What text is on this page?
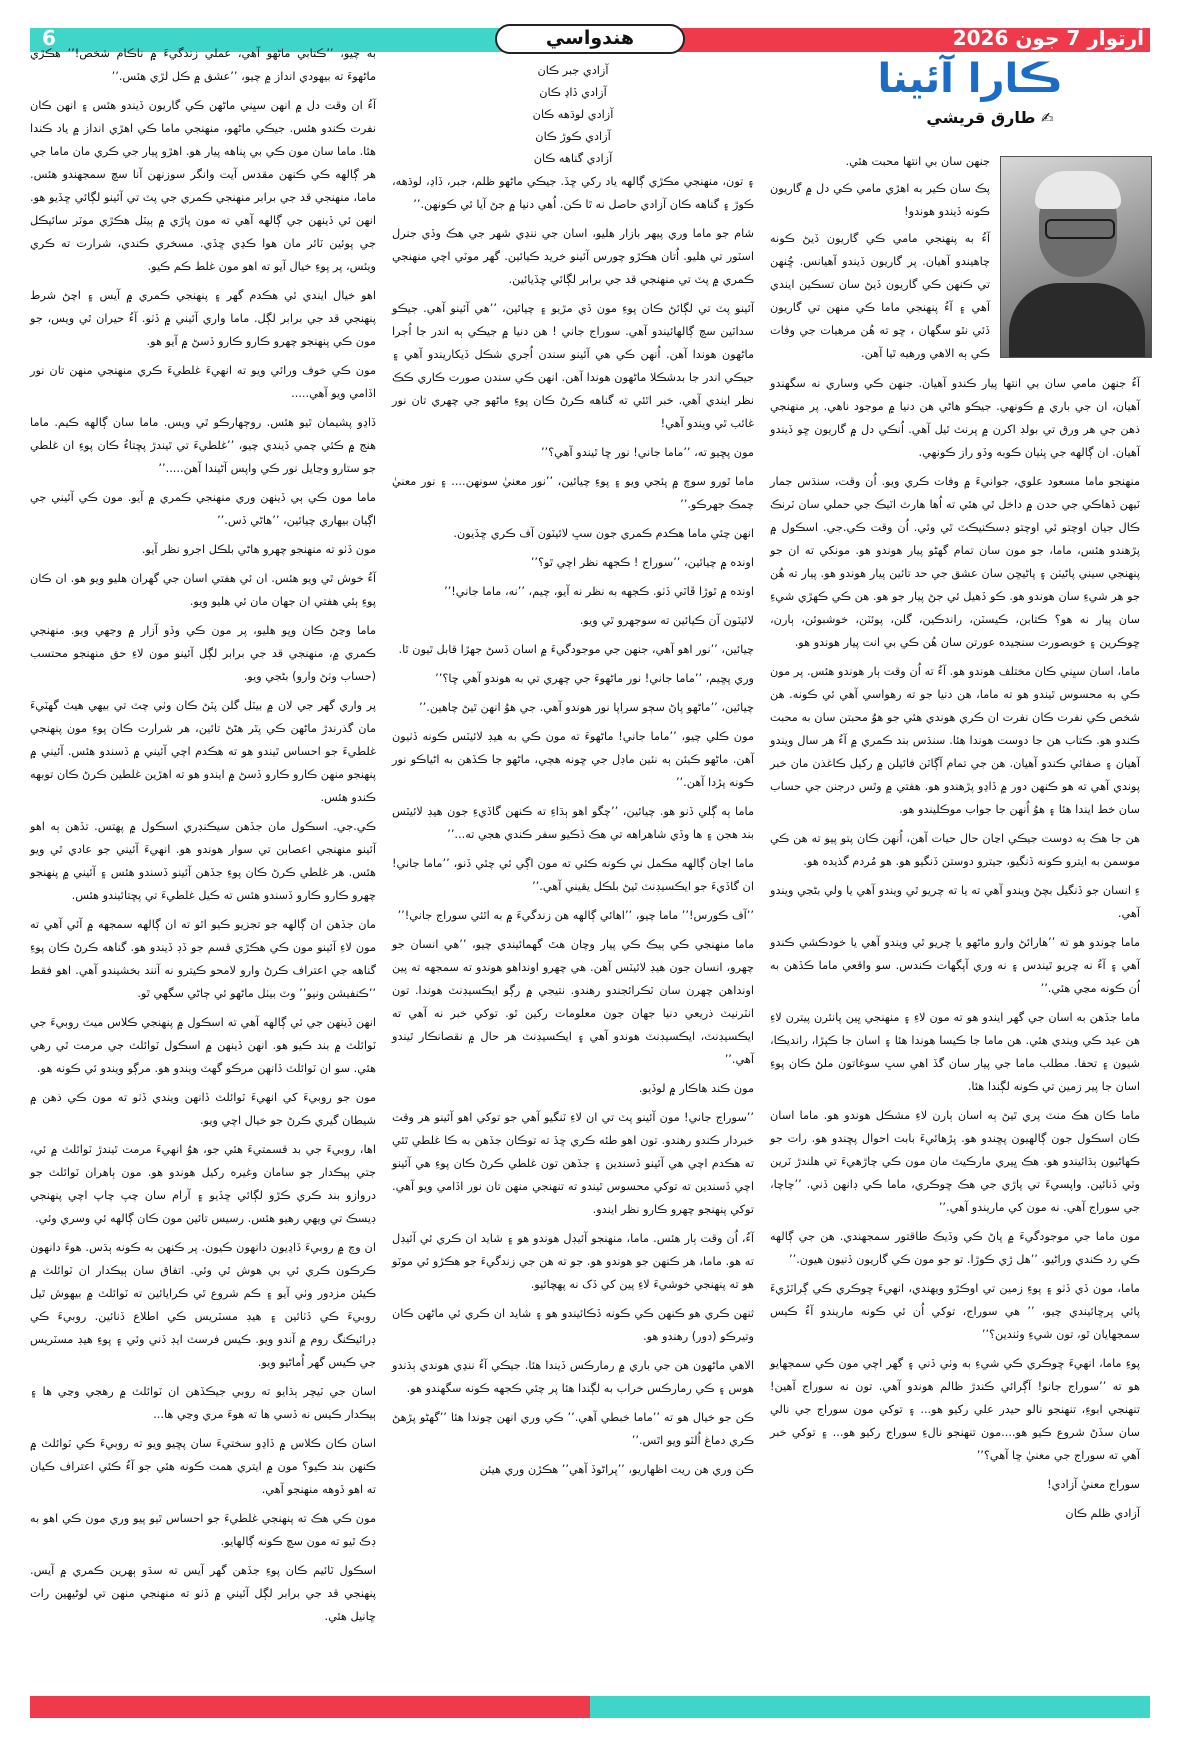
6	آرتوار 7 جون 2026
هندواسي
ڪارا آئينا
✍ طارق قريشي

جنهن سان بي انتها محبت هئي.

پڪ سان ڪير به اهڙي مامي ڪي دل ۾ گاريون ڪونه ڏيندو هوندو!

آءُ به پنهنجي مامي ڪي گاريون ڏيڻ ڪونه چاهيندو آهيان. پر گاريون ڏيندو آهيانس. ڇُنهن تي ڪنهن ڪي گاريون ڏيڻ سان تسڪين ايندي آهي ۽ آءُ پنهنجي ماما ڪي منهن تي گاريون ڏئي نٿو سگهان ، ڇو ته هُن مرهيات جي وفات ڪي ٻه الاهي ورهيه ٿيا آهن.

آءُ جنهن مامي سان بي انتها پيار ڪندو آهيان. جنهن ڪي وساري نه سگهندو آهيان، ان جي باري ۾ ڪونهي. جيڪو هاڻي هن دنيا ۾ موجود ناهي. پر منهنجي ذهن جي هر ورق تي بولڊ اکرن ۾ پرنٽ ٿيل آهي. اُنڪي دل ۾ گاريون ڇو ڏيندو آهيان. ان ڳالهه جي پٺيان ڪوبه وڏو راز ڪونهي.

منهنجو ماما مسعود علوي، جوانيءَ ۾ وفات ڪري ويو. اُن وقت، سنڌس جمار ٽيهن ڏهاڪي جي حدن ۾ داخل ٿي هئي ته اُها هارٽ اٽيڪ جي حملي سان ٽرنڪ ڪال جيان اوچتو ئي اوچتو ڊسڪنيڪٽ ٿي وئي. اُن وقت ڪي.جي. اسڪول ۾ پڙهندو هئس، ماما، جو مون سان تمام گهڻو پيار هوندو هو. مونکي ته ان جو پنهنجي سيني پاڻيٺن ۽ پاڻيڇن سان عشق جي حد تائين پيار هوندو هو. پيار ته هُن جو هر شيءِ سان هوندو هو. ڪو ڏهيل ئي جڻ پيار جو هو. هن ڪي ڪهڙي شيءِ سان پيار نه هو؟ ڪتابن، ڪيسٽن، راندڪين، گلن، پوئٽن، خوشبوئن، ٻارن، ڇوڪرين ۽ خوبصورت سنجيده عورتن سان هُن ڪي بي انت پيار هوندو هو.

ماما، اسان سڀني ڪان مختلف هوندو هو. آءُ ته اُن وقت ٻار هوندو هئس. پر مون ڪي به محسوس ٿيندو هو ته ماما، هن دنيا جو ته رهواسي آهي ئي ڪونه. هن شخص ڪي نفرت ڪان نفرت ان ڪري هوندي هئي جو هوُ محبتن سان به محبت ڪندو هو. ڪتاب هن جا دوست هوندا هئا. سنڌس بند ڪمري ۾ آءُ هر سال ويندو آهيان ۽ صفائي ڪندو آهيان. هن جي تمام آڳاٽن فائيلن ۾ رکيل ڪاغذن مان خبر پوندي آهي ته هو ڪنهن دور ۾ ڏاڍو پڙهندو هو. هفتي ۾ وٿس درجنن جي حساب سان خط ايندا هئا ۽ هوُ اُنهن جا جواب موڪليندو هو.

هن جا هڪ ٻه دوست جيڪي اڃان حال حيات آهن، اُنهن ڪان پتو پيو ته هن ڪي موسمن به ايترو ڪونه ڏنگيو، جيترو دوستن ڏنگيو هو. هو مُردم گذيده هو.

ءِ انسان جو ڏنگيل بچڻ ويندو آهي ته يا ته چريو ٿي ويندو آهي يا ولي بڻجي ويندو آهي.

ماما چوندو هو ته ’’هارائڻ وارو ماڻهو يا چريو ٿي ويندو آهي يا خودڪشي ڪندو آهي ۽ آءُ نه چريو ٿيندس ۽ نه وري آپگهات ڪندس. سو واقعي ماما ڪڏهن به اُن ڪونه مڃي هئي.’’

ماما جڏهن به اسان جي گهر ايندو هو ته مون لاءِ ۽ منهنجي ڀين پانئرن پيترن لاءِ هن عيد ڪي ويندي هئي. هن ماما جا ڪيسا هوندا هئا ۽ اسان جا ڪپڙا، رانديڪا، شيون ۽ تحفا. مطلب ماما جي پيار سان گڏ اهي سڀ سوغاتون ملڻ ڪان پوءِ اسان جا پير زمين تي ڪونه لڳندا هئا.

ماما ڪان هڪ منٽ پري ٿيڻ ٻه اسان ٻارن لاءِ مشڪل هوندو هو. ماما اسان ڪان اسڪول جون ڳالهيون پڇندو هو. پڙهائيءَ بابت احوال پڇندو هو. رات جو ڪهاڻيون ٻڌائيندو هو. هڪ ڀيري مارڪيٽ مان مون ڪي چاڙهيءَ تي هلندڙ ٽرين وٺي ڏنائين. واپسيءَ تي پاڙي جي هڪ ڇوڪري، ماما ڪي ڊانهن ڏني. ’’چاچا، جي سوراج آهي. نه مون کي ماريندو آهي.’’

مون ماما جي موجودگيءَ ۾ پاڻ ڪي وڏيڪ طاقتور سمجهندي. هن جي ڳالهه ڪي رد ڪندي وراڻيو. ’’هل ڙي ڪوڙا. تو جو مون ڪي گاريون ڏنيون هيون.’’

ماما، مون ڏي ڏٺو ۽ پوءِ زمين تي اوڪڙو ويهندي، انهيءَ ڇوڪري ڪي ڳراٽڙيءَ پائي پرڇائيندي چيو، ’’ هي سوراج، توکي اُن ئي ڪونه ماريندو آءُ ڪيس سمجهايان ٿو، تون شيءِ وٺندين؟’’

پوءِ ماما، انهيءَ ڇوڪري ڪي شيءِ به وٺي ڏني ۽ گهر اچي مون ڪي سمجهايو هو ته ’’سوراج جانو! آڳرائي ڪندڙ ظالم هوندو آهي. تون نه سوراج آهين! تنهنجي ابوءِ، تنهنجو نالو حيدر علي رکيو هو... ۽ توکي مون سوراج جي نالي سان سڏڻ شروع ڪيو هو....مون تنهنجو نالءِ سوراج رکيو هو... ۽ توکي خبر آهي ته سوراج جي معنيٰ ڇا آهي؟’’

سوراج معنيٰ آزادي!

آزادي ظلم ڪان

آزادي جبر ڪان
آزادي ڏاڍ ڪان
آزادي لوڌهه ڪان
آزادي ڪوڙ ڪان
آزادي گناهه ڪان

۽ تون، منهنجي مڪڙي ڳالهه ياد رکي ڇڏ. جيڪي ماڻهو ظلم، جبر، ڏاڍ، لوڌهه، ڪوڙ ۽ گناهه ڪان آزادي حاصل نه ٿا ڪن. اُهي دنيا ۾ جڻ آيا ئي ڪونهن.’’

شام جو ماما وري پيهر بازار هليو، اسان جي ننڍي شهر جي هڪ وڏي جنرل اسٽور تي هليو. اُتان هڪڙو چورس آئينو خريد ڪيائين. گهر موٽي اچي منهنجي ڪمري ۾ پٽ تي منهنجي قد جي برابر لڳائي ڇڏيائين.

آئينو پٽ تي لڳائڻ ڪان پوءِ مون ڏي مڙيو ۽ چيائين، ’’هي آئينو آهي. جيڪو سداٽين سچ ڳالهائيندو آهي. سوراج جاني ! هن دنيا ۾ جيڪي ٻه اندر جا اُجرا ماڻهون هوندا آهن. اُنهن ڪي هي آئينو سندن اُجري شڪل ڏيکاريندو آهي ۽ جيڪي اندر جا بدشڪلا ماڻهون هوندا آهن. انهن ڪي سندن صورت ڪاري ڪڪ نظر ايندي آهي. خبر اٿئي ته گناهه ڪرڻ ڪان پوءِ ماڻهو جي چهري تان نور غائب ٿي ويندو آهي!

مون پڇيو ته، ’’ماما جاني! نور ڇا ٿيندو آهي؟’’

ماما ٿورو سوچ ۾ پئجي ويو ۽ پوءِ چيائين، ’’نور معنيٰ سونهن.... ۽ نور معنيٰ چمڪ جهرڪو.’’

انهن چئي ماما هڪدم ڪمري جون سڀ لائيٽون آف ڪري ڇڏيون.

اونده ۾ چيائين، ’’سوراج ! ڪجهه نظر اچي ٿو؟’’

اونده ۾ ٿوڙا ڦاٽي ڏٺو. ڪجهه به نظر نه آيو، چيم، ’’نه، ماما جاني!’’

لائيٽون آن ڪيائين ته سوجهرو ٿي ويو.

چيائين، ’’نور اهو آهي، جنهن جي موجودگيءَ ۾ اسان ڏسڻ جهڙا قابل ٿيون ٿا.

وري پڇيم، ’’ماما جاني! نور ماڻهوءَ جي چهري تي به هوندو آهي ڇا؟’’

چيائين، ’’ماڻهو پاڻ سڄو سراپا نور هوندو آهي. جي هوُ انهن ٿيڻ چاهين.’’

مون ڪلي چيو، ’’ماما جاني! ماڻهوءَ ته مون ڪي به هيڊ لائيٽس ڪونه ڏٺيون آهن. ماڻهو ڪيئن ٻه نئين ماڊل جي ڇونه هڄي، ماڻهو جا ڪڏهن به اڻياڪو نور ڪونه پڙدا آهن.’’

ماما ٻه ڳلي ڏنو هو. چيائين، ’’چگو اهو ٻڌاءِ ته ڪنهن گاڏيءِ جون هيڊ لائيٽس بند هجن ۽ ها وڏي شاهراهه تي هڪ ڏڪيو سفر ڪندي هجي ته...’’

ماما اڃان ڳالهه مڪمل ني ڪونه ڪئي ته مون اڳي ئي چئي ڏنو، ’’ماما جاني! ان گاڏيءَ جو ايڪسيڊنٽ ٿيڻ بلڪل يقيني آهي.’’

’’آف ڪورس!’’ ماما چيو، ’’اهائي ڳالهه هن زندگيءَ ۾ به اٿئي سوراج جاني!’’

ماما منهنجي ڪي ٻيڪ ڪي پيار وچان هٿ گهمائيندي چيو، ’’هي انسان جو چهرو، انسان جون هيڊ لائيٽس آهن. هي چهرو اونداهو هوندو ته سمجهه ته پين اونداهن چهرن سان ٽڪرائجندو رهندو. نتيجي ۾ رڳو ايڪسيڊنٽ هوندا. تون انٽرنيٽ ذريعي دنيا جهان جون معلومات رکين ٿو. توکي خبر نه آهي ته ايڪسيڊنٽ، ايڪسيڊنٽ هوندو آهي ۽ ايڪسيڊنٽ هر حال ۾ نقصانڪار ٿيندو آهي.’’

مون ڪند هاڪار ۾ لوڏيو.

’’سوراج جاني! مون آئينو پٽ تي ان لاءِ ٽنگيو آهي جو توکي اهو آئينو هر وقت خبردار ڪندو رهندو. تون اهو طئه ڪري ڇڏ ته توڪان جڏهن به ڪا غلطي ٿئي ته هڪدم اچي هي آئينو ڏسندين ۽ جڏهن تون غلطي ڪرڻ ڪان پوءِ هي آئينو اچي ڏسندين ته توکي محسوس ٿيندو ته تنهنجي منهن تان نور اڏامي ويو آهي. توکي پنهنجو چهرو ڪارو نظر ايندو.

آءُ، اُن وقت ٻار هئس. ماما، منهنجو آئيڊل هوندو هو ۽ شايد ان ڪري ئي آئيڊل ته هو. ماما، هر ڪنهن جو هوندو هو. جو ته هن جي زندگيءَ جو هڪڙو ئي موٽو هو ته پنهنجي خوشيءَ لاءِ پين کي ڏک نه پهچائيو.

ثنهن ڪري هو ڪنهن ڪي ڪونه ڏڪائيندو هو ۽ شايد ان ڪري ئي ماڻهن ڪان وتيرڪو (دور) رهندو هو.

الاهي ماڻهون هن جي باري ۾ رمارڪس ڏيندا هئا. جيڪي آءُ ننڍي هوندي ٻڌندو هوس ۽ ڪي رمارڪس خراب به لڳندا هئا پر چئي ڪجهه ڪونه سگهندو هو.

ڪن جو خيال هو ته ’’ماما خبطي آهي.’’ ڪي وري انهن چوندا هئا ’’گهڻو پڙهڻ ڪري دماغ اُلٽو ويو اٿس.’’

ڪن وري هن ريت اظهاريو، ’’پراڻوڏ آهي’’ هڪڙن وري هيئن

به چيو، ’’ڪتابي ماڻهو آهي، عملي زندگيءَ ۾ ناڪام شخص!’’ هڪڙي ماڻهوءَ ته بيهودي انداز ۾ چيو، ’’عشق ۾ ڪل لڙي هئس.’’

آءُ ان وقت دل ۾ انهن سڀني ماڻهن ڪي گاريون ڏيندو هئس ۽ انهن ڪان نفرت ڪندو هئس. جيڪي ماڻهو، منهنجي ماما ڪي اهڙي انداز ۾ ياد ڪندا هئا. ماما سان مون ڪي بي پناهه پيار هو. اهڙو پيار جي ڪري مان ماما جي هر ڳالهه ڪي ڪنهن مقدس آيت وانگر سوزنهن آنا سچ سمجهندو هئس. ماما، منهنجي قد جي برابر منهنجي ڪمري جي پٽ تي آئينو لڳائي ڇڏيو هو. انهن ئي ڏينهن جي ڳالهه آهي ته مون پاڙي ۾ ٻيٽل هڪڙي موٽر سائيڪل جي پوئين ٽائر مان هوا ڪڍي ڇڏي. مسخري ڪندي، شرارت ته ڪري ويئس، پر پوءِ خيال آيو ته اهو مون غلط ڪم ڪيو.

اهو خيال ايندي ئي هڪدم گهر ۽ پنهنجي ڪمري ۾ آيس ۽ اچڻ شرط پنهنجي قد جي برابر لڳل. ماما واري آئيني ۾ ڏٺو. آءُ حيران ٿي ويس، جو مون ڪي پنهنجو چهرو ڪارو ڪارو ڏسڻ ۾ آيو هو.

مون ڪي خوف ورائي ويو ته انهيءَ غلطيءَ ڪري منهنجي منهن تان نور اڏامي ويو آهي.....

ڏاڍو پشيمان ٿيو هئس. روڄهارڪو ٿي ويس. ماما سان ڳالهه ڪيم. ماما هنج ۾ ڪئي چمي ڏيندي چيو، ’’غلطيءَ تي ٿيندڙ پڇتاءُ ڪان پوءِ ان غلطي جو ستارو وڃايل نور ڪي واپس آڻيندا آهن.....’’

ماما مون ڪي ٻي ڏينهن وري منهنجي ڪمري ۾ آيو. مون ڪي آئيني جي اڳيان بيهاري چيائين، ’’هاڻي ڏس.’’

مون ڏٺو ته منهنجو چهرو هاڻي بلڪل اجرو نظر آيو.

آءُ خوش ٿي ويو هئس. ان ئي هفتي اسان جي گهران هليو ويو هو. ان ڪان پوءِ ٻئي هفتي ان جهان مان ئي هليو ويو.

ماما وڃڻ ڪان وپو هليو، پر مون ڪي وڏو آزار ۾ وجهي ويو. منهنجي ڪمري ۾، منهنجي قد جي برابر لڳل آئينو مون لاءِ حق منهنجو محتسب (حساب وٺڻ وارو) بڻجي ويو.

پر واري گهر جي لان ۾ بيٽل گلن پٽڻ ڪان وٺي چٽ تي بيهي هيٺ گهٽيءَ مان گذرندڙ ماڻهن ڪي پٿر هڻڻ تائين، هر شرارت ڪان پوءِ مون پنهنجي غلطيءَ جو احساس ٿيندو هو ته هڪدم اچي آئيني ۾ ڏسندو هئس. آئيني ۾ پنهنجو منهن ڪارو ڪارو ڏسڻ ۾ ايندو هو ته اهڙين غلطين ڪرڻ ڪان توبهه ڪندو هئس.

ڪي.جي. اسڪول مان جڏهن سيڪنڊري اسڪول ۾ پهتس. تڏهن ٻه اهو آئينو منهنجي اعصابن تي سوار هوندو هو. انهيءَ آئيني جو عادي ٿي ويو هئس. هر غلطي ڪرڻ ڪان پوءِ جڏهن آئينو ڏسندو هئس ۽ آئيني ۾ پنهنجو چهرو ڪارو ڪارو ڏسندو هئس ته ڪيل غلطيءَ تي پڇتائيندو هئس.

مان جڏهن ان ڳالهه جو تجزيو ڪيو اٿو ته ان ڳالهه سمجهه ۾ آئي آهي ته مون لاءِ آئينو مون ڪي هڪڙي قسم جو ڏڊ ڏيندو هو. گناهه ڪرڻ ڪان پوءِ گناهه جي اعتراف ڪرڻ وارو لامحو ڪيترو نه آنند بخشيندو آهي. اهو فقط ’’ڪنفيشن ونيو’’ وٽ بيٺل ماڻهو ئي ڄاڻي سگهي ٿو.

انهن ڏينهن جي ئي ڳالهه آهي ته اسڪول ۾ پنهنجي ڪلاس ميٽ روبيءَ جي ٽوائلٽ ۾ بند ڪيو هو. انهن ڏينهن ۾ اسڪول ٽوائلٽ جي مرمت ٿي رهي هئي. سو ان ٽوائلٽ ڏانهن مرڪو گهٽ ويندو هو. مرڳو ويندو ئي ڪونه هو.

مون جو روبيءَ کي انهيءَ ٽوائلٽ ڏانهن ويندي ڏٺو ته مون ڪي ذهن ۾ شيطان گيري ڪرڻ جو خيال اچي ويو.

اها، روبيءَ جي بد قسمتيءَ هئي جو، هوُ انهيءَ مرمت ٿيندڙ ٽوائلٽ ۾ ئي، جتي ٻيڪدار جو سامان وغيره رکيل هوندو هو. مون ٻاهران ٽوائلٽ جو دروازو بند ڪري ڪڙو لڳائي ڇڏيو ۽ آرام سان چپ چاپ اچي پنهنجي ڊيسڪ تي ويهي رهيو هئس. رسيس تائين مون ڪان ڳالهه ئي وسري وئي.

ان وچ ۾ روبيءَ ڏاڍيون دانهون ڪيون. پر ڪنهن به ڪونه ٻڌس. هوءَ دانهون ڪرڪون ڪري ئي بي هوش ٿي وئي. اتفاق سان ٻيڪدار ان ٽوائلٽ ۾ ڪيئن مزدور وٺي آيو ۽ ڪم شروع ٿي ڪرايائين ته ٽوائلٽ ۾ بيهوش ٿيل روبيءَ ڪي ڏٺائين ۽ هيڊ مسٽريس ڪي اطلاع ڏنائين. روبيءَ ڪي ڊرائيڪنگ روم ۾ آندو ويو. ڪيس فرسٽ ايڊ ڏني وئي ۽ پوءِ هيڊ مسٽريس جي ڪيس گهر اُماڻيو ويو.

اسان جي ٽيچر ٻڌايو ته روبي جيڪڏهن ان ٽوائلٽ ۾ رهجي وڃي ها ۽ ٻيڪدار ڪيس نه ڏسي ها ته هوءَ مري وڃي ها...

اسان ڪان ڪلاس ۾ ڏاڍو سختيءَ سان پڇيو ويو ته روبيءَ ڪي ٽوائلٽ ۾ ڪنهن بند ڪيو؟ مون ۾ ايتري همت ڪونه هئي جو آءُ ڪئي اعتراف ڪيان ته اهو ڏوهه منهنجو آهي.

مون ڪي هڪ ته پنهنجي غلطيءَ جو احساس ٿيو پيو وري مون ڪي اهو به ڊڪ ٿيو ته مون سچ ڪونه ڳالهايو.

اسڪول ٽائيم ڪان پوءِ جڏهن گهر آيس ته سڌو ٻهرين ڪمري ۾ آيس. پنهنجي قد جي برابر لڳل آئيني ۾ ڏٺو ته منهنجي منهن تي لوڻيهين رات ڇانيل هئي.
